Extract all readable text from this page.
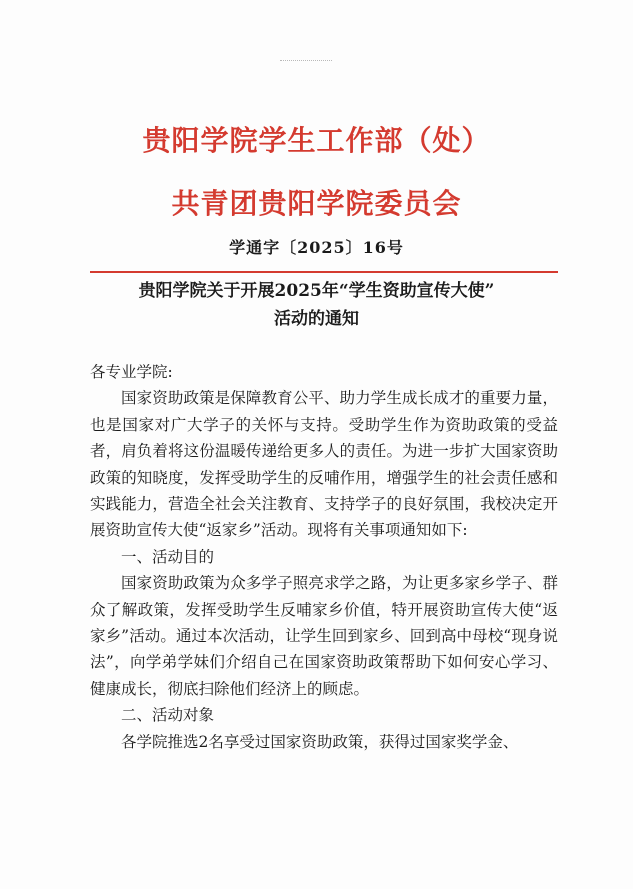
贵阳学院学生工作部（处）
共青团贵阳学院委员会
学通字〔2025〕16号
贵阳学院关于开展2025年“学生资助宣传大使”
活动的通知

各专业学院:

国家资助政策是保障教育公平、助力学生成长成才的重要力量，也是国家对广大学子的关怀与支持。受助学生作为资助政策的受益者，肩负着将这份温暖传递给更多人的责任。为进一步扩大国家资助政策的知晓度，发挥受助学生的反哺作用，增强学生的社会责任感和实践能力，营造全社会关注教育、支持学子的良好氛围，我校决定开展资助宣传大使“返家乡”活动。现将有关事项通知如下:

一、活动目的

国家资助政策为众多学子照亮求学之路，为让更多家乡学子、群众了解政策，发挥受助学生反哺家乡价值，特开展资助宣传大使“返家乡”活动。通过本次活动，让学生回到家乡、回到高中母校“现身说法”，向学弟学妹们介绍自己在国家资助政策帮助下如何安心学习、健康成长，彻底扫除他们经济上的顾虑。

二、活动对象

各学院推选2名享受过国家资助政策，获得过国家奖学金、
